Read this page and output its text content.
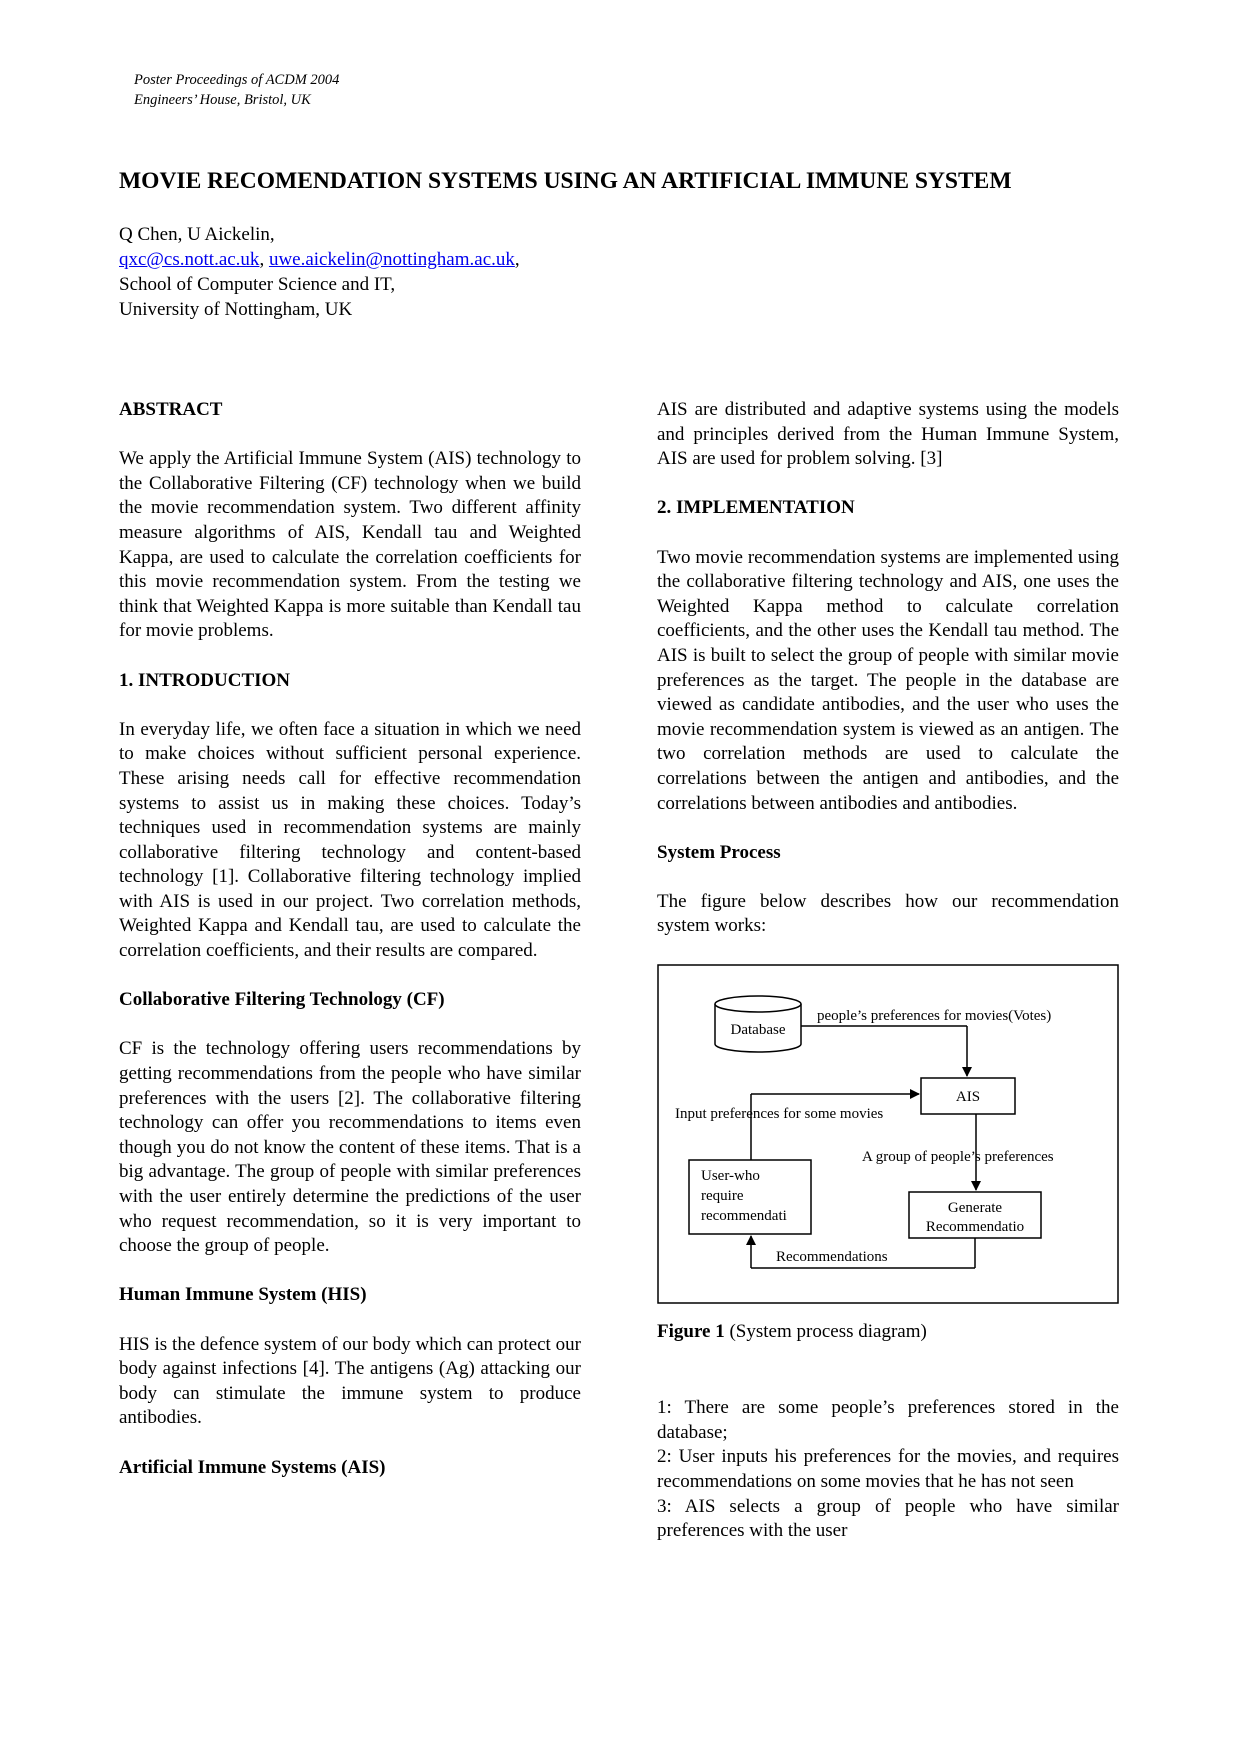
Poster Proceedings of ACDM 2004
Engineers’ House, Bristol, UK
MOVIE RECOMENDATION SYSTEMS USING AN ARTIFICIAL IMMUNE SYSTEM
Q Chen, U Aickelin,
qxc@cs.nott.ac.uk, uwe.aickelin@nottingham.ac.uk,
School of Computer Science and IT,
University of Nottingham, UK
ABSTRACT

We apply the Artificial Immune System (AIS) technology to the Collaborative Filtering (CF) technology when we build the movie recommendation system. Two different affinity measure algorithms of AIS, Kendall tau and Weighted Kappa, are used to calculate the correlation coefficients for this movie recommendation system. From the testing we think that Weighted Kappa is more suitable than Kendall tau for movie problems.

1. INTRODUCTION

In everyday life, we often face a situation in which we need to make choices without sufficient personal experience. These arising needs call for effective recommendation systems to assist us in making these choices. Today’s techniques used in recommendation systems are mainly collaborative filtering technology and content-based technology [1]. Collaborative filtering technology implied with AIS is used in our project. Two correlation methods, Weighted Kappa and Kendall tau, are used to calculate the correlation coefficients, and their results are compared.

Collaborative Filtering Technology (CF)

CF is the technology offering users recommendations by getting recommendations from the people who have similar preferences with the users [2]. The collaborative filtering technology can offer you recommendations to items even though you do not know the content of these items. That is a big advantage. The group of people with similar preferences with the user entirely determine the predictions of the user who request recommendation, so it is very important to choose the group of people.

Human Immune System (HIS)

HIS is the defence system of our body which can protect our body against infections [4]. The antigens (Ag) attacking our body can stimulate the immune system to produce antibodies.

Artificial Immune Systems (AIS)

AIS are distributed and adaptive systems using the models and principles derived from the Human Immune System, AIS are used for problem solving. [3]

2. IMPLEMENTATION

Two movie recommendation systems are implemented using the collaborative filtering technology and AIS, one uses the Weighted Kappa method to calculate correlation coefficients, and the other uses the Kendall tau method. The AIS is built to select the group of people with similar movie preferences as the target. The people in the database are viewed as candidate antibodies, and the user who uses the movie recommendation system is viewed as an antigen. The two correlation methods are used to calculate the correlations between the antigen and antibodies, and the correlations between antibodies and antibodies.

System Process

The figure below describes how our recommendation system works:

Database
people’s preferences for movies(Votes)
AIS
Input preferences for some movies
A group of people’s preferences
User-who
require
recommendati	Generate
Recommendatio
Recommendations

Figure 1 (System process diagram)

1: There are some people’s preferences stored in the database;

2: User inputs his preferences for the movies, and requires recommendations on some movies that he has not seen

3: AIS selects a group of people who have similar preferences with the user
